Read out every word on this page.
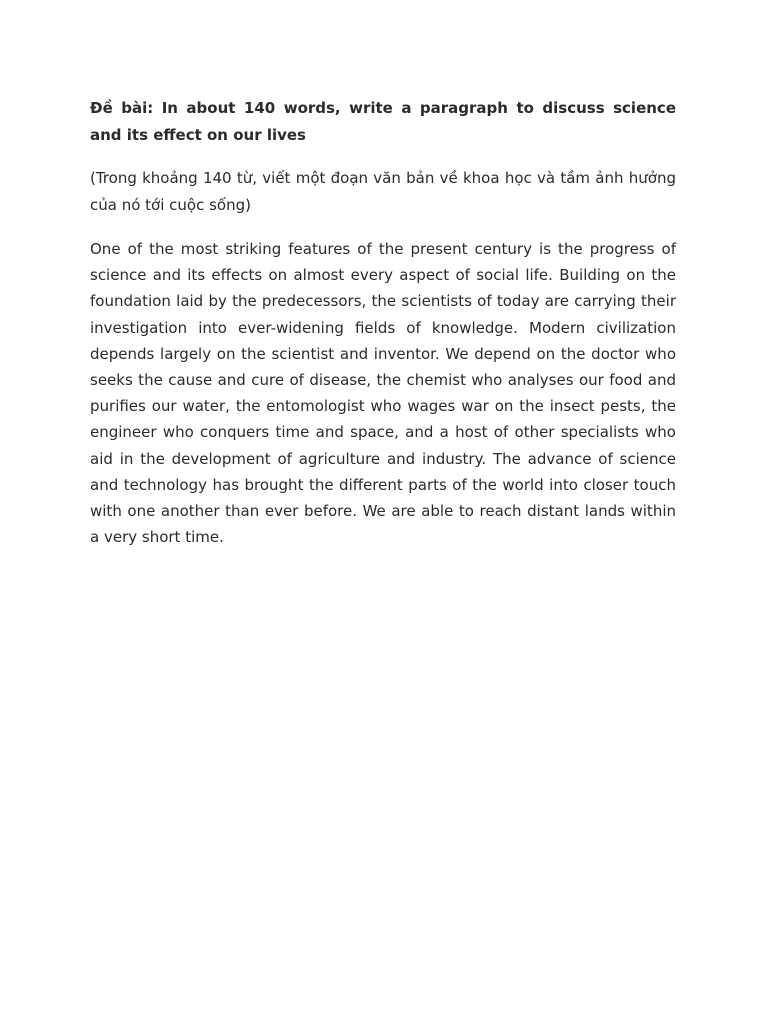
Đề bài: In about 140 words, write a paragraph to discuss science and its effect on our lives

(Trong khoảng 140 từ, viết một đoạn văn bản về khoa học và tầm ảnh hưởng của nó tới cuộc sống)

One of the most striking features of the present century is the progress of science and its effects on almost every aspect of social life. Building on the foundation laid by the predecessors, the scientists of today are carrying their investigation into ever-widening fields of knowledge. Modern civilization depends largely on the scientist and inventor. We depend on the doctor who seeks the cause and cure of disease, the chemist who analyses our food and purifies our water, the entomologist who wages war on the insect pests, the engineer who conquers time and space, and a host of other specialists who aid in the development of agriculture and industry. The advance of science and technology has brought the different parts of the world into closer touch with one another than ever before. We are able to reach distant lands within a very short time.
